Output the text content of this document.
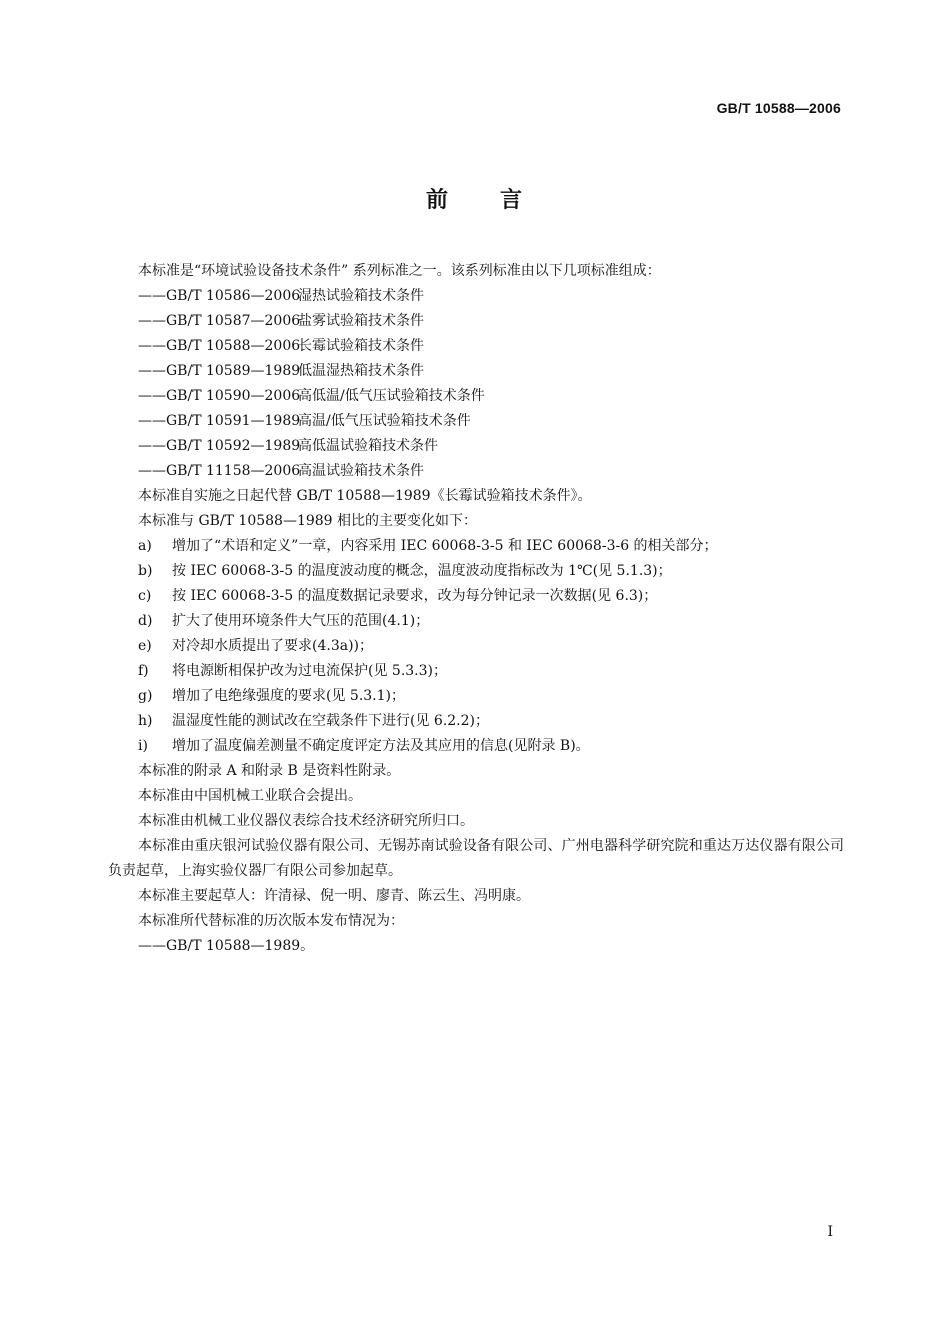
GB/T 10588—2006
前 言
本标准是“环境试验设备技术条件” 系列标准之一。该系列标准由以下几项标准组成：
——GB/T 10586—2006湿热试验箱技术条件
——GB/T 10587—2006盐雾试验箱技术条件
——GB/T 10588—2006长霉试验箱技术条件
——GB/T 10589—1989低温湿热箱技术条件
——GB/T 10590—2006高低温/低气压试验箱技术条件
——GB/T 10591—1989高温/低气压试验箱技术条件
——GB/T 10592—1989高低温试验箱技术条件
——GB/T 11158—2006高温试验箱技术条件
本标准自实施之日起代替 GB/T 10588—1989《长霉试验箱技术条件》。
本标准与 GB/T 10588—1989 相比的主要变化如下：
a) 增加了“术语和定义”一章，内容采用 IEC 60068-3-5 和 IEC 60068-3-6 的相关部分；
b) 按 IEC 60068-3-5 的温度波动度的概念，温度波动度指标改为 1℃(见 5.1.3)；
c) 按 IEC 60068-3-5 的温度数据记录要求，改为每分钟记录一次数据(见 6.3)；
d) 扩大了使用环境条件大气压的范围(4.1)；
e) 对冷却水质提出了要求(4.3a))；
f) 将电源断相保护改为过电流保护(见 5.3.3)；
g) 增加了电绝缘强度的要求(见 5.3.1)；
h) 温湿度性能的测试改在空载条件下进行(见 6.2.2)；
i) 增加了温度偏差测量不确定度评定方法及其应用的信息(见附录 B)。
本标准的附录 A 和附录 B 是资料性附录。
本标准由中国机械工业联合会提出。
本标准由机械工业仪器仪表综合技术经济研究所归口。
本标准由重庆银河试验仪器有限公司、无锡苏南试验设备有限公司、广州电器科学研究院和重达万达仪器有限公司负责起草，上海实验仪器厂有限公司参加起草。
本标准主要起草人：许清禄、倪一明、廖青、陈云生、冯明康。
本标准所代替标准的历次版本发布情况为：
——GB/T 10588—1989。
I
